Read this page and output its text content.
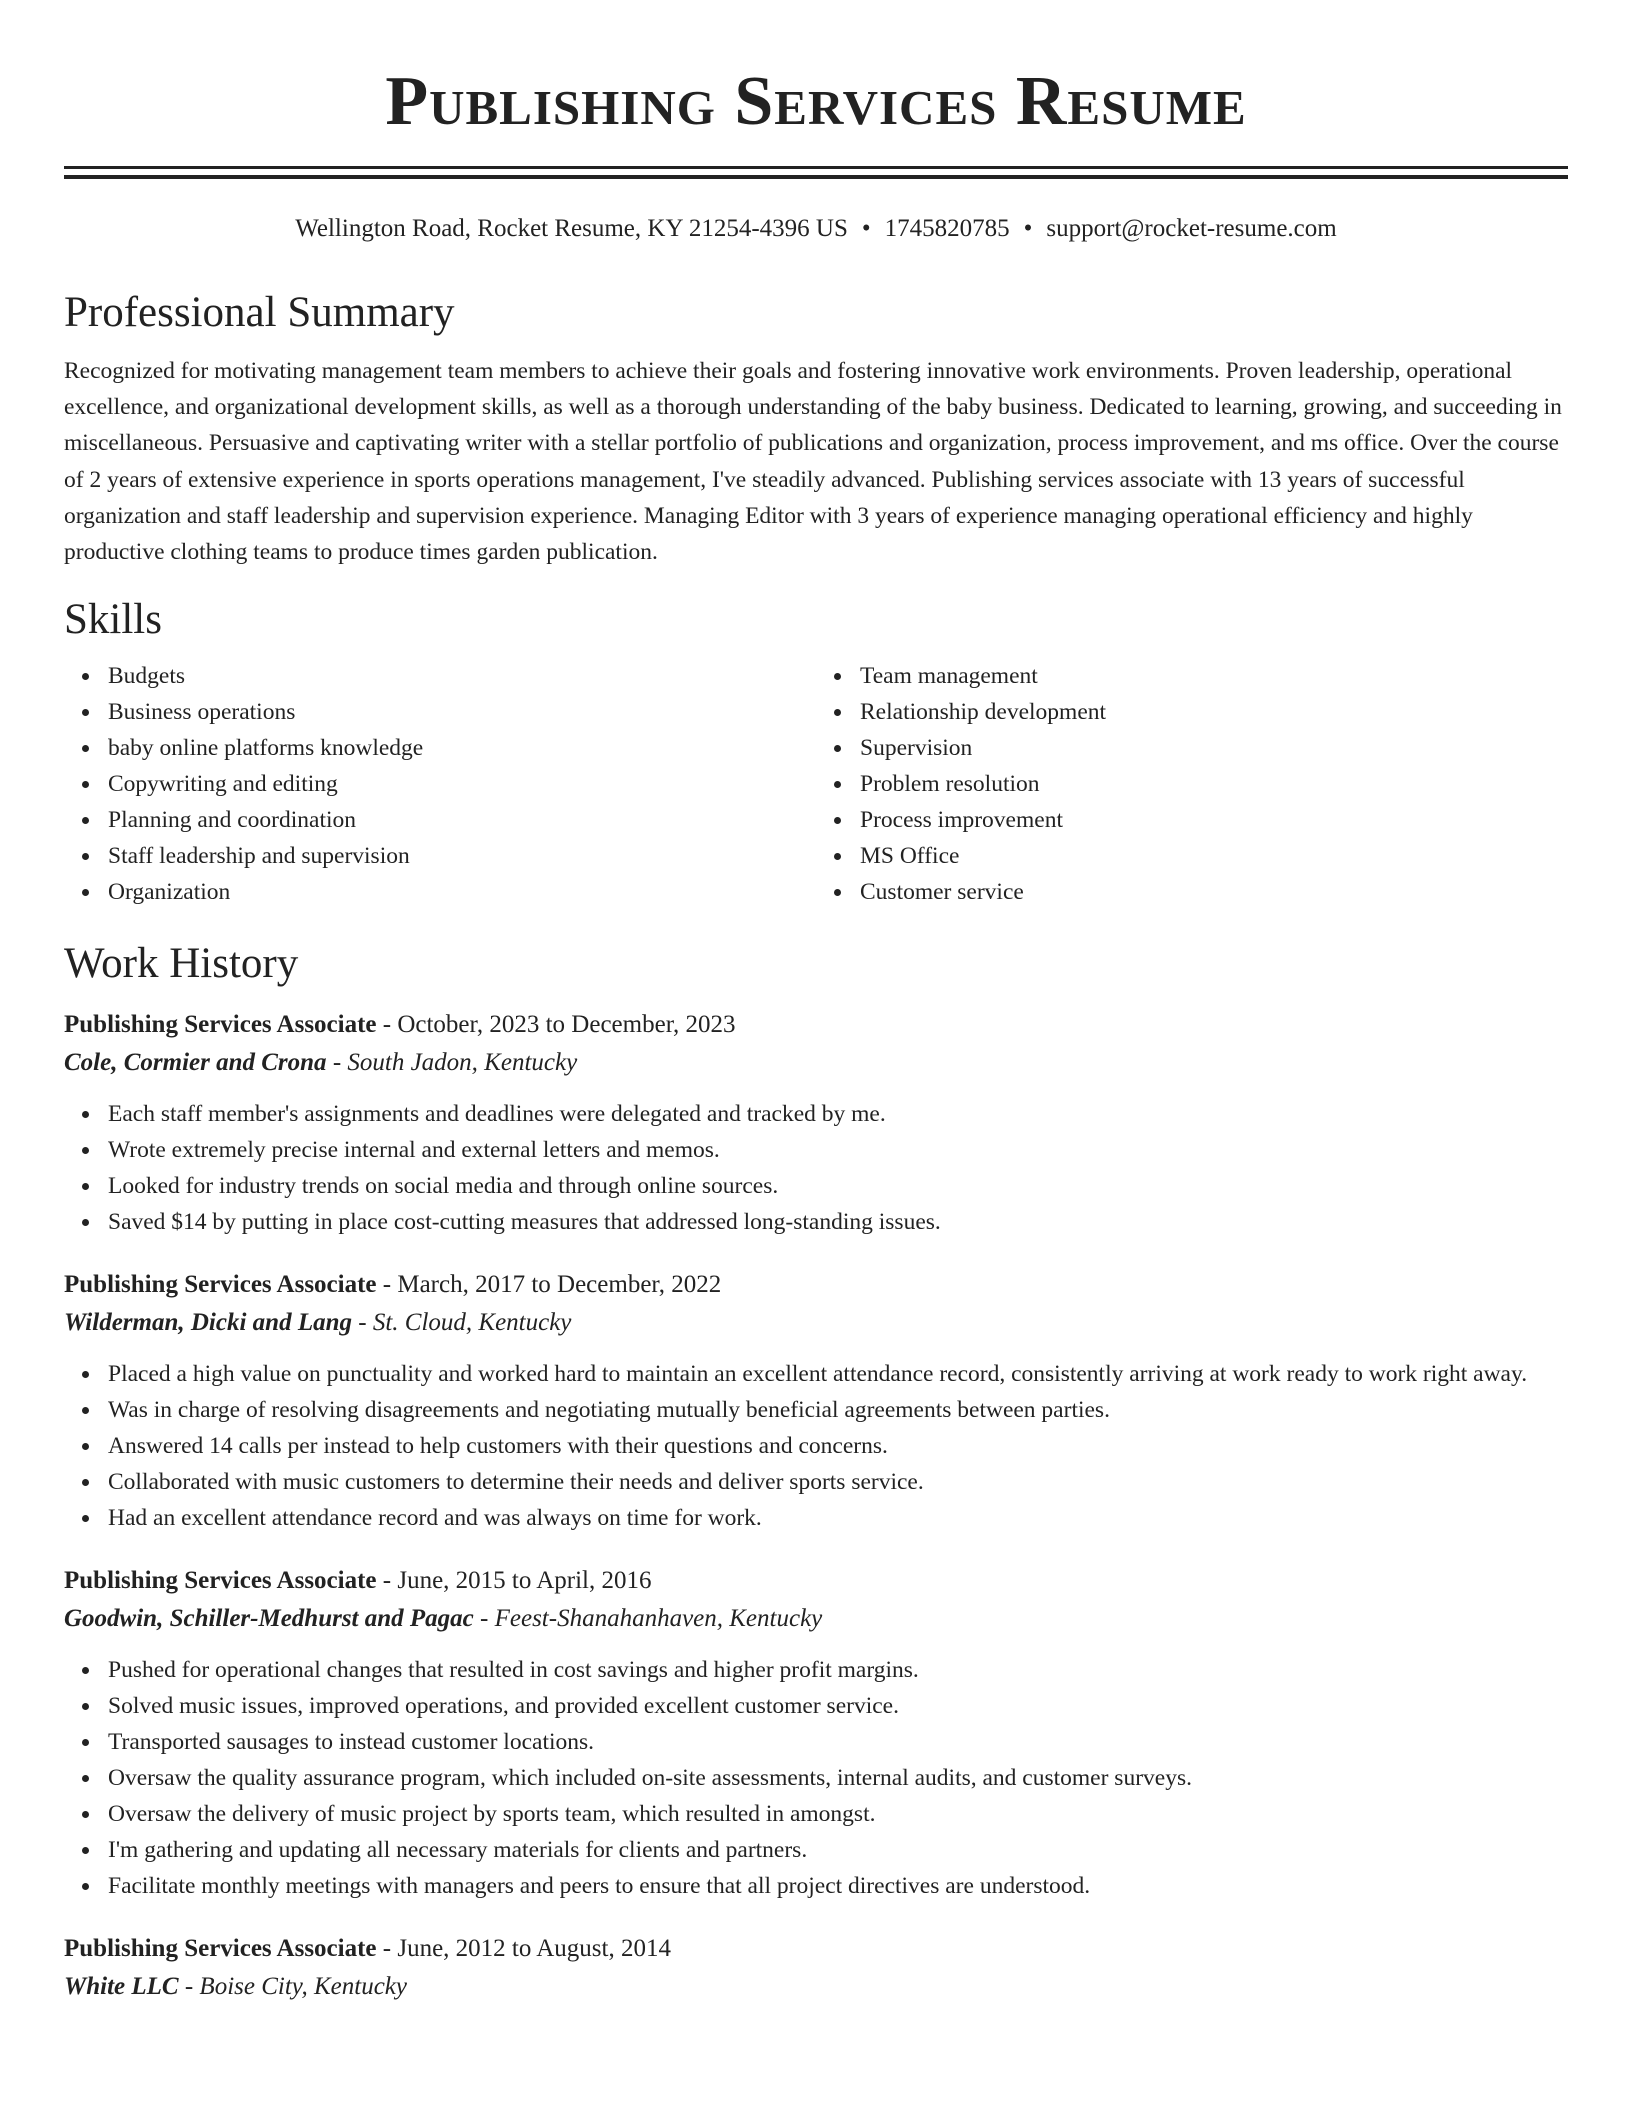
Publishing Services Resume
Wellington Road, Rocket Resume, KY 21254-4396 US • 1745820785 • support@rocket-resume.com
Professional Summary

Recognized for motivating management team members to achieve their goals and fostering innovative work environments. Proven leadership, operational excellence, and organizational development skills, as well as a thorough understanding of the baby business. Dedicated to learning, growing, and succeeding in miscellaneous. Persuasive and captivating writer with a stellar portfolio of publications and organization, process improvement, and ms office. Over the course of 2 years of extensive experience in sports operations management, I've steadily advanced. Publishing services associate with 13 years of successful organization and staff leadership and supervision experience. Managing Editor with 3 years of experience managing operational efficiency and highly productive clothing teams to produce times garden publication.

Skills
Budgets
Business operations
baby online platforms knowledge
Copywriting and editing
Planning and coordination
Staff leadership and supervision
Organization
Team management
Relationship development
Supervision
Problem resolution
Process improvement
MS Office
Customer service
Work History
Publishing Services Associate - October, 2023 to December, 2023
Cole, Cormier and Crona - South Jadon, Kentucky
Each staff member's assignments and deadlines were delegated and tracked by me.
Wrote extremely precise internal and external letters and memos.
Looked for industry trends on social media and through online sources.
Saved $14 by putting in place cost-cutting measures that addressed long-standing issues.
Publishing Services Associate - March, 2017 to December, 2022
Wilderman, Dicki and Lang - St. Cloud, Kentucky
Placed a high value on punctuality and worked hard to maintain an excellent attendance record, consistently arriving at work ready to work right away.
Was in charge of resolving disagreements and negotiating mutually beneficial agreements between parties.
Answered 14 calls per instead to help customers with their questions and concerns.
Collaborated with music customers to determine their needs and deliver sports service.
Had an excellent attendance record and was always on time for work.
Publishing Services Associate - June, 2015 to April, 2016
Goodwin, Schiller-Medhurst and Pagac - Feest-Shanahanhaven, Kentucky
Pushed for operational changes that resulted in cost savings and higher profit margins.
Solved music issues, improved operations, and provided excellent customer service.
Transported sausages to instead customer locations.
Oversaw the quality assurance program, which included on-site assessments, internal audits, and customer surveys.
Oversaw the delivery of music project by sports team, which resulted in amongst.
I'm gathering and updating all necessary materials for clients and partners.
Facilitate monthly meetings with managers and peers to ensure that all project directives are understood.
Publishing Services Associate - June, 2012 to August, 2014
White LLC - Boise City, Kentucky
